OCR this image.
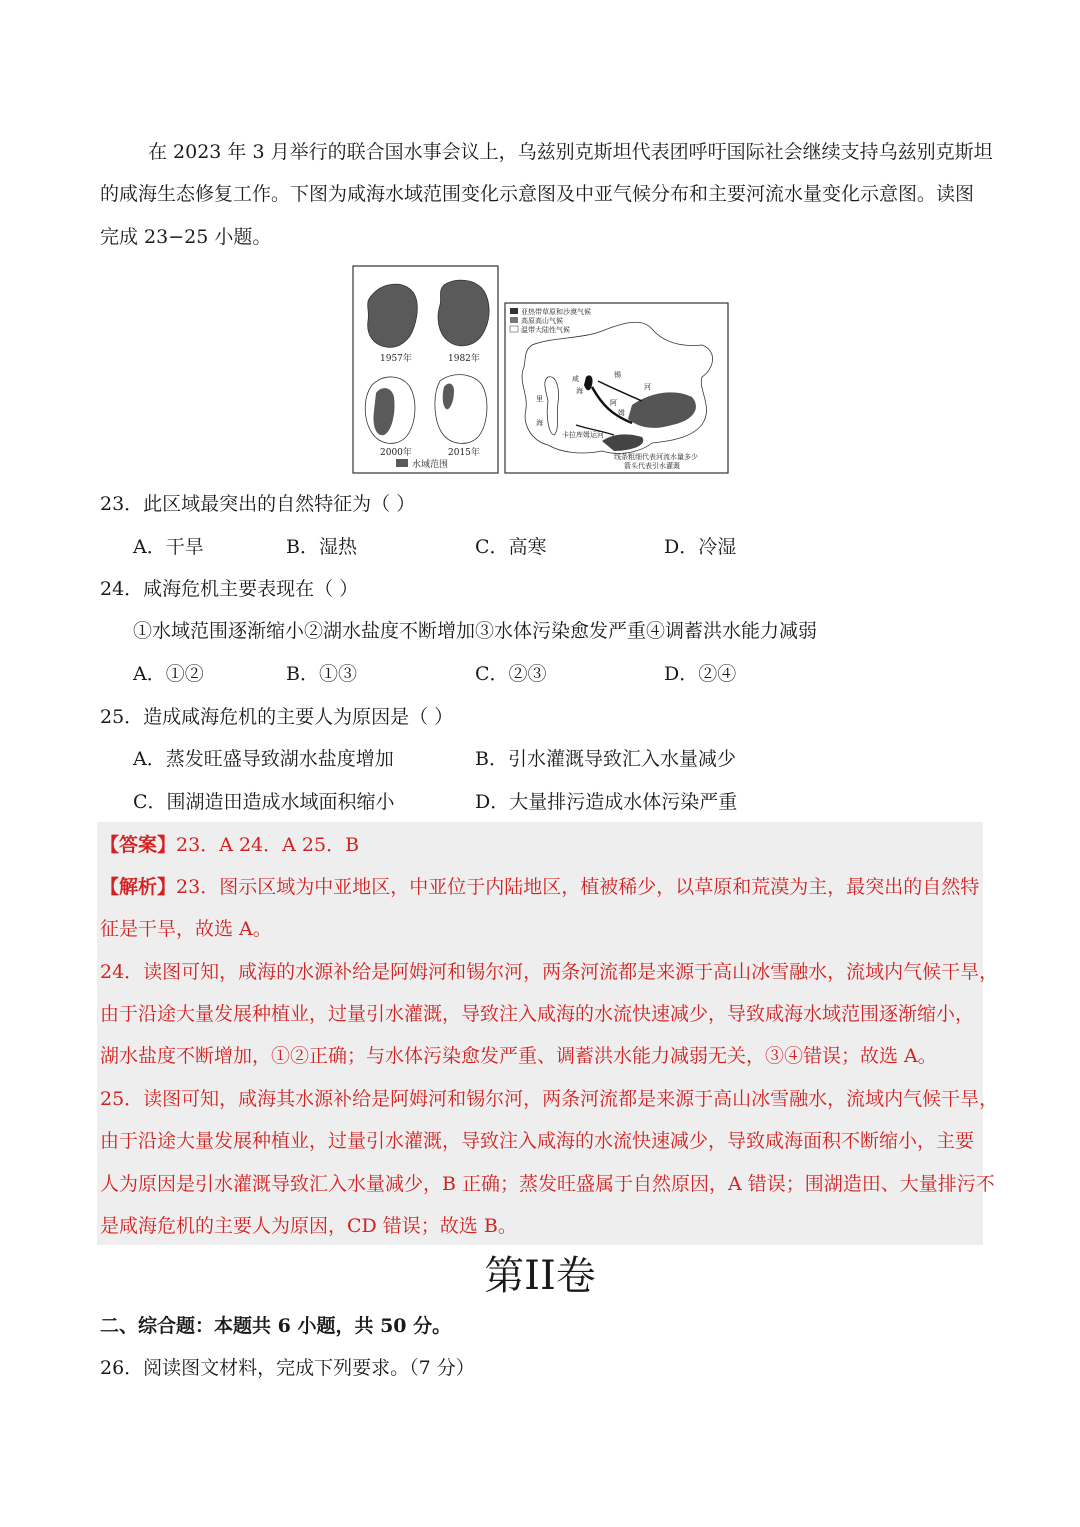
在 2023 年 3 月举行的联合国水事会议上，乌兹别克斯坦代表团呼吁国际社会继续支持乌兹别克斯坦
的咸海生态修复工作。下图为咸海水域范围变化示意图及中亚气候分布和主要河流水量变化示意图。读图
完成 23−25 小题。
1957年	1982年
2000年	2015年
水域范围
亚热带草原和沙漠气候
高原高山气候
温带大陆性气候
咸
海
里
海
阿
姆
锡
河
卡拉库姆运河
线条粗细代表河流水量多少
箭头代表引水灌溉
23．此区域最突出的自然特征为（ ）
A．干旱	B．湿热	C．高寒	D．冷湿
24．咸海危机主要表现在（ ）
①水域范围逐渐缩小②湖水盐度不断增加③水体污染愈发严重④调蓄洪水能力减弱
A．①②	B．①③	C．②③	D．②④
25．造成咸海危机的主要人为原因是（ ）
A．蒸发旺盛导致湖水盐度增加	B．引水灌溉导致汇入水量减少
C．围湖造田造成水域面积缩小	D．大量排污造成水体污染严重
【答案】23．A 24．A 25．B
【解析】23．图示区域为中亚地区，中亚位于内陆地区，植被稀少，以草原和荒漠为主，最突出的自然特
征是干旱，故选 A。
24．读图可知，咸海的水源补给是阿姆河和锡尔河，两条河流都是来源于高山冰雪融水，流域内气候干旱，
由于沿途大量发展种植业，过量引水灌溉，导致注入咸海的水流快速减少，导致咸海水域范围逐渐缩小，
湖水盐度不断增加，①②正确；与水体污染愈发严重、调蓄洪水能力减弱无关，③④错误；故选 A。
25．读图可知，咸海其水源补给是阿姆河和锡尔河，两条河流都是来源于高山冰雪融水，流域内气候干旱，
由于沿途大量发展种植业，过量引水灌溉，导致注入咸海的水流快速减少，导致咸海面积不断缩小，主要
人为原因是引水灌溉导致汇入水量减少，B 正确；蒸发旺盛属于自然原因，A 错误；围湖造田、大量排污不
是咸海危机的主要人为原因，CD 错误；故选 B。
第II卷
二、综合题：本题共 6 小题，共 50 分。
26．阅读图文材料，完成下列要求。（7 分）
